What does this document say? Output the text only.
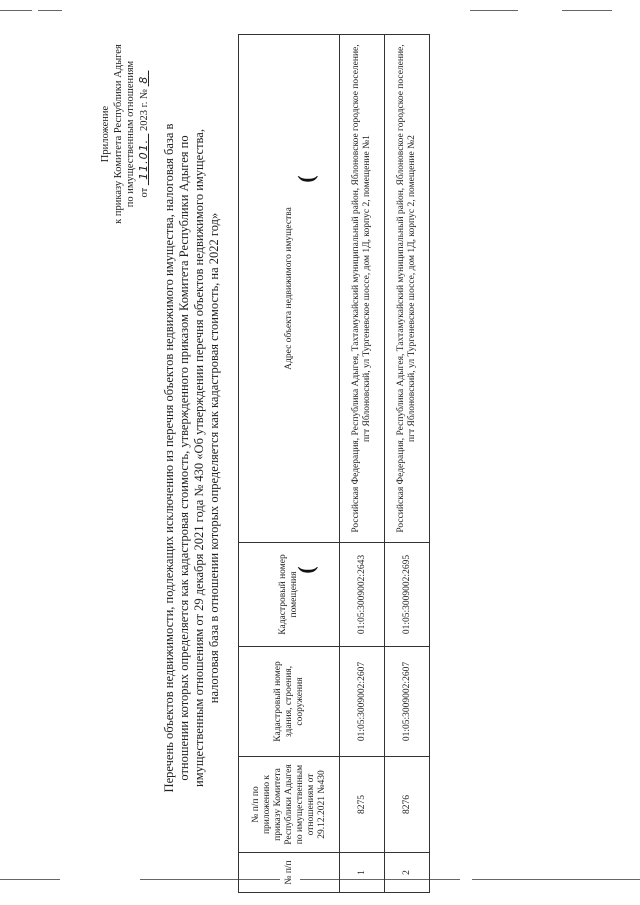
)
)
Приложение к приказу Комитета Республики Адыгея по имущественным отношениям от   11.01.   2023 г. №  8
Перечень объектов недвижимости, подлежащих исключению из перечня объектов недвижимого имущества, налоговая база в отношении которых определяется как кадастровая стоимость, утвержденного приказом Комитета Республики Адыгея по имущественным отношениям от 29 декабря 2021 года № 430 «Об утверждении перечня объектов недвижимого имущества, налоговая база в отношении которых определяется как кадастровая стоимость, на 2022 год»
№ п/п	№ п/п по приложению к приказу Комитета Республики Адыгея по имущественным отношениям от 29.12.2021 №430	Кадастровый номер здания, строения, сооружения	Кадастровый номер помещения	Адрес объекта недвижимого имущества
1	8275	01:05:3009002:2607	01:05:3009002:2643	Российская Федерация, Республика Адыгея, Тахтамукайский муниципальный район, Яблоновское городское поселение, пгт Яблоновский, ул Тургеневское шоссе, дом 1Д, корпус 2, помещение №1
2	8276	01:05:3009002:2607	01:05:3009002:2695	Российская Федерация, Республика Адыгея, Тахтамукайский муниципальный район, Яблоновское городское поселение, пгт Яблоновский, ул Тургеневское шоссе, дом 1Д, корпус 2, помещение №2
